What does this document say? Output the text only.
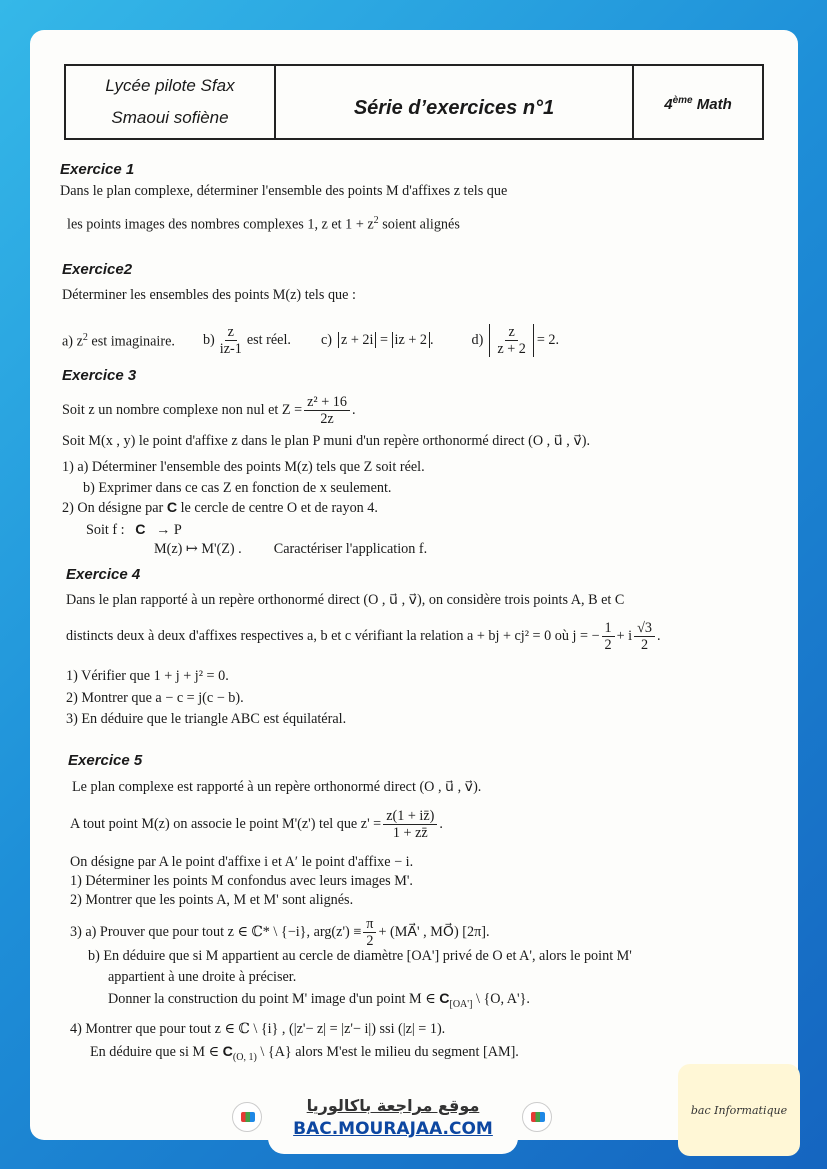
Lycée pilote Sfax
Smaoui sofiène	Série d’exercices n°1	4ème Math
Exercice 1
Dans le plan complexe, déterminer l'ensemble des points M d'affixes z tels que
les points images des nombres complexes 1, z et $1 + z^2$ soient alignés
Exercice2
Déterminer les ensembles des points M(z) tels que :
a) $z^2$ est imaginaire. $b) \frac{z}{iz-1}$ est réel. c) z + 2i = iz + 2 .	$d) \frac{z}{z + 2} = 2$.
Exercice 3
Soit z un nombre complexe non nul et $Z = \frac{\text{z² + 16}}{2z}$ .
Soit M(x , y) le point d'affixe z dans le plan P muni d'un repère orthonormé direct (O , u⃗ , v⃗).
1) a) Déterminer l'ensemble des points M(z) tels que Z soit réel.
b) Exprimer dans ce cas Z en fonction de x seulement.
2) On désigne par C le cercle de centre O et de rayon 4.
Soit f : C → P
M(z) ↦ M'(Z) . Caractériser l'application f.
Exercice 4
Dans le plan rapporté à un repère orthonormé direct (O , u⃗ , v⃗), on considère trois points A, B et C
distincts deux à deux d'affixes respectives a, b et c vérifiant la relation a + bj + cj² = 0 où j = − $\frac{1}{2} + i \frac{√3}{2}$ .
1) Vérifier que 1 + j + j² = 0.
2) Montrer que a − c = j(c − b).
3) En déduire que le triangle ABC est équilatéral.
Exercice 5
Le plan complexe est rapporté à un repère orthonormé direct (O , u⃗ , v⃗).
A tout point M(z) on associe le point M'(z') tel que $z' = \frac{z(1 + iz̄)}{1 + zz̄}$ .
On désigne par A le point d'affixe i et A′ le point d'affixe − i.
1) Déterminer les points M confondus avec leurs images M'.
2) Montrer que les points A, M et M' sont alignés.
3) a) Prouver que pour tout z ∈ ℂ* \ {−i}, $arg(z') \equiv \frac{\pi}{2}$ + (MA⃗' , MO⃗) [2π].
b) En déduire que si M appartient au cercle de diamètre [OA'] privé de O et A', alors le point M'
appartient à une droite à préciser.
Donner la construction du point M' image d'un point M ∈ $C_{[OA']}$ \ {O, A'}.
4) Montrer que pour tout z ∈ ℂ \ {i} , (|z'− z| = |z'− i|) ssi (|z| = 1).
En déduire que si M ∈ $C_{(O, 1)}$ \ {A} alors M'est le milieu du segment [AM].
موقع مراجعة باكالوريا
BAC.MOURAJAA.COM
bac Informatique
